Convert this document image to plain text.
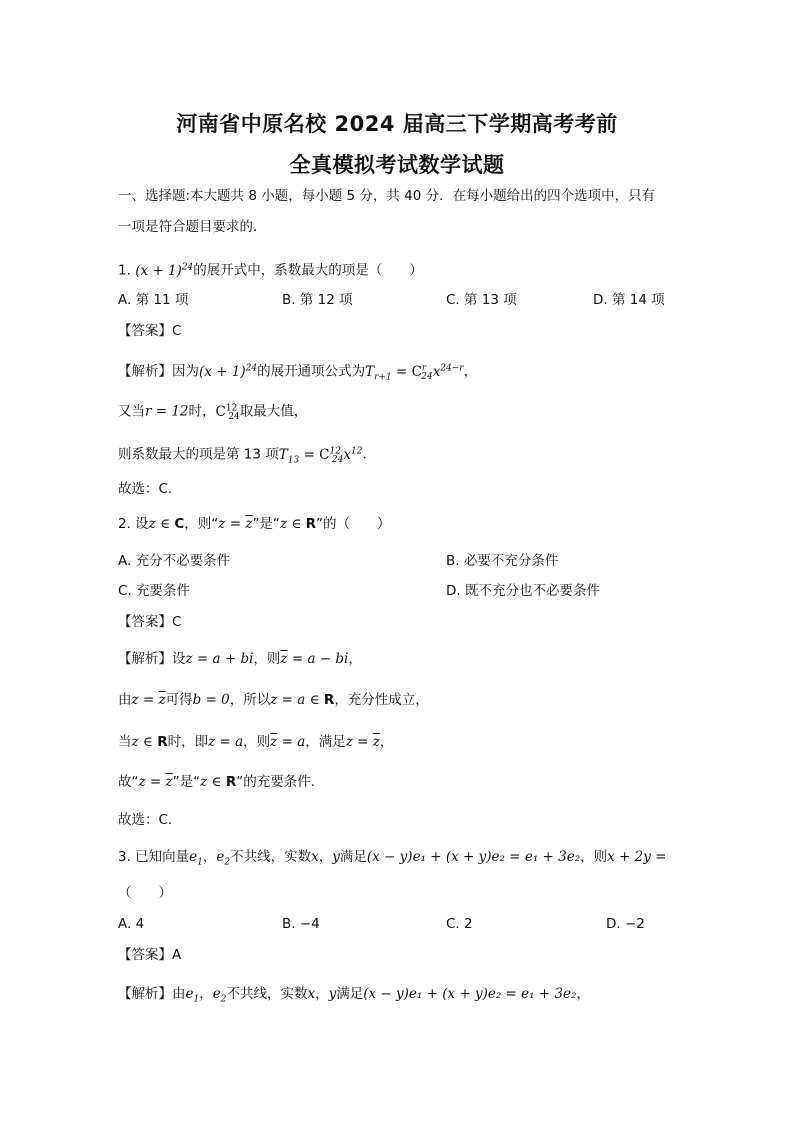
河南省中原名校 2024 届高三下学期高考考前
全真模拟考试数学试题
一、选择题:本大题共 8 小题，每小题 5 分，共 40 分．在每小题给出的四个选项中，只有
一项是符合题目要求的．
1. $(x + 1)^{24}$的展开式中，系数最大的项是（　　）
A. 第 11 项	B. 第 12 项	C. 第 13 项	D. 第 14 项
【答案】C
【解析】因为$(x + 1)^{24}$的展开通项公式为$T_{r+1} = C^r_{24}x^{24-r}$，
又当r = 12时，$C^{12}_{24}$取最大值，
则系数最大的项是第 13 项$T_{13} = C^{12}_{24}x^{12}$．
故选：C.
2. 设z ∈ C，则“$z = \overline{z}$”是“z ∈ R”的（　　）
A. 充分不必要条件	B. 必要不充分条件
C. 充要条件	D. 既不充分也不必要条件
【答案】C
【解析】设z = a + bi，则$\overline{z} = a$ − bi，
由$z = \overline{z}$可得b = 0，所以z = a ∈ R，充分性成立，
当z ∈ R时，即z = a，则$\overline{z} = a$，满足$z = \overline{z}$，
故“$z = \overline{z}$”是“z ∈ R”的充要条件.
故选：C.
3. 已知向量$e_1$，$e_2$不共线，实数x，y满足(x − y)e₁ + (x + y)e₂ = e₁ + 3e₂，则x + 2y =
（　　）
A. 4	B. −4	C. 2	D. −2
【答案】A
【解析】由$e_1$，$e_2$不共线，实数x，y满足(x − y)e₁ + (x + y)e₂ = e₁ + 3e₂，
